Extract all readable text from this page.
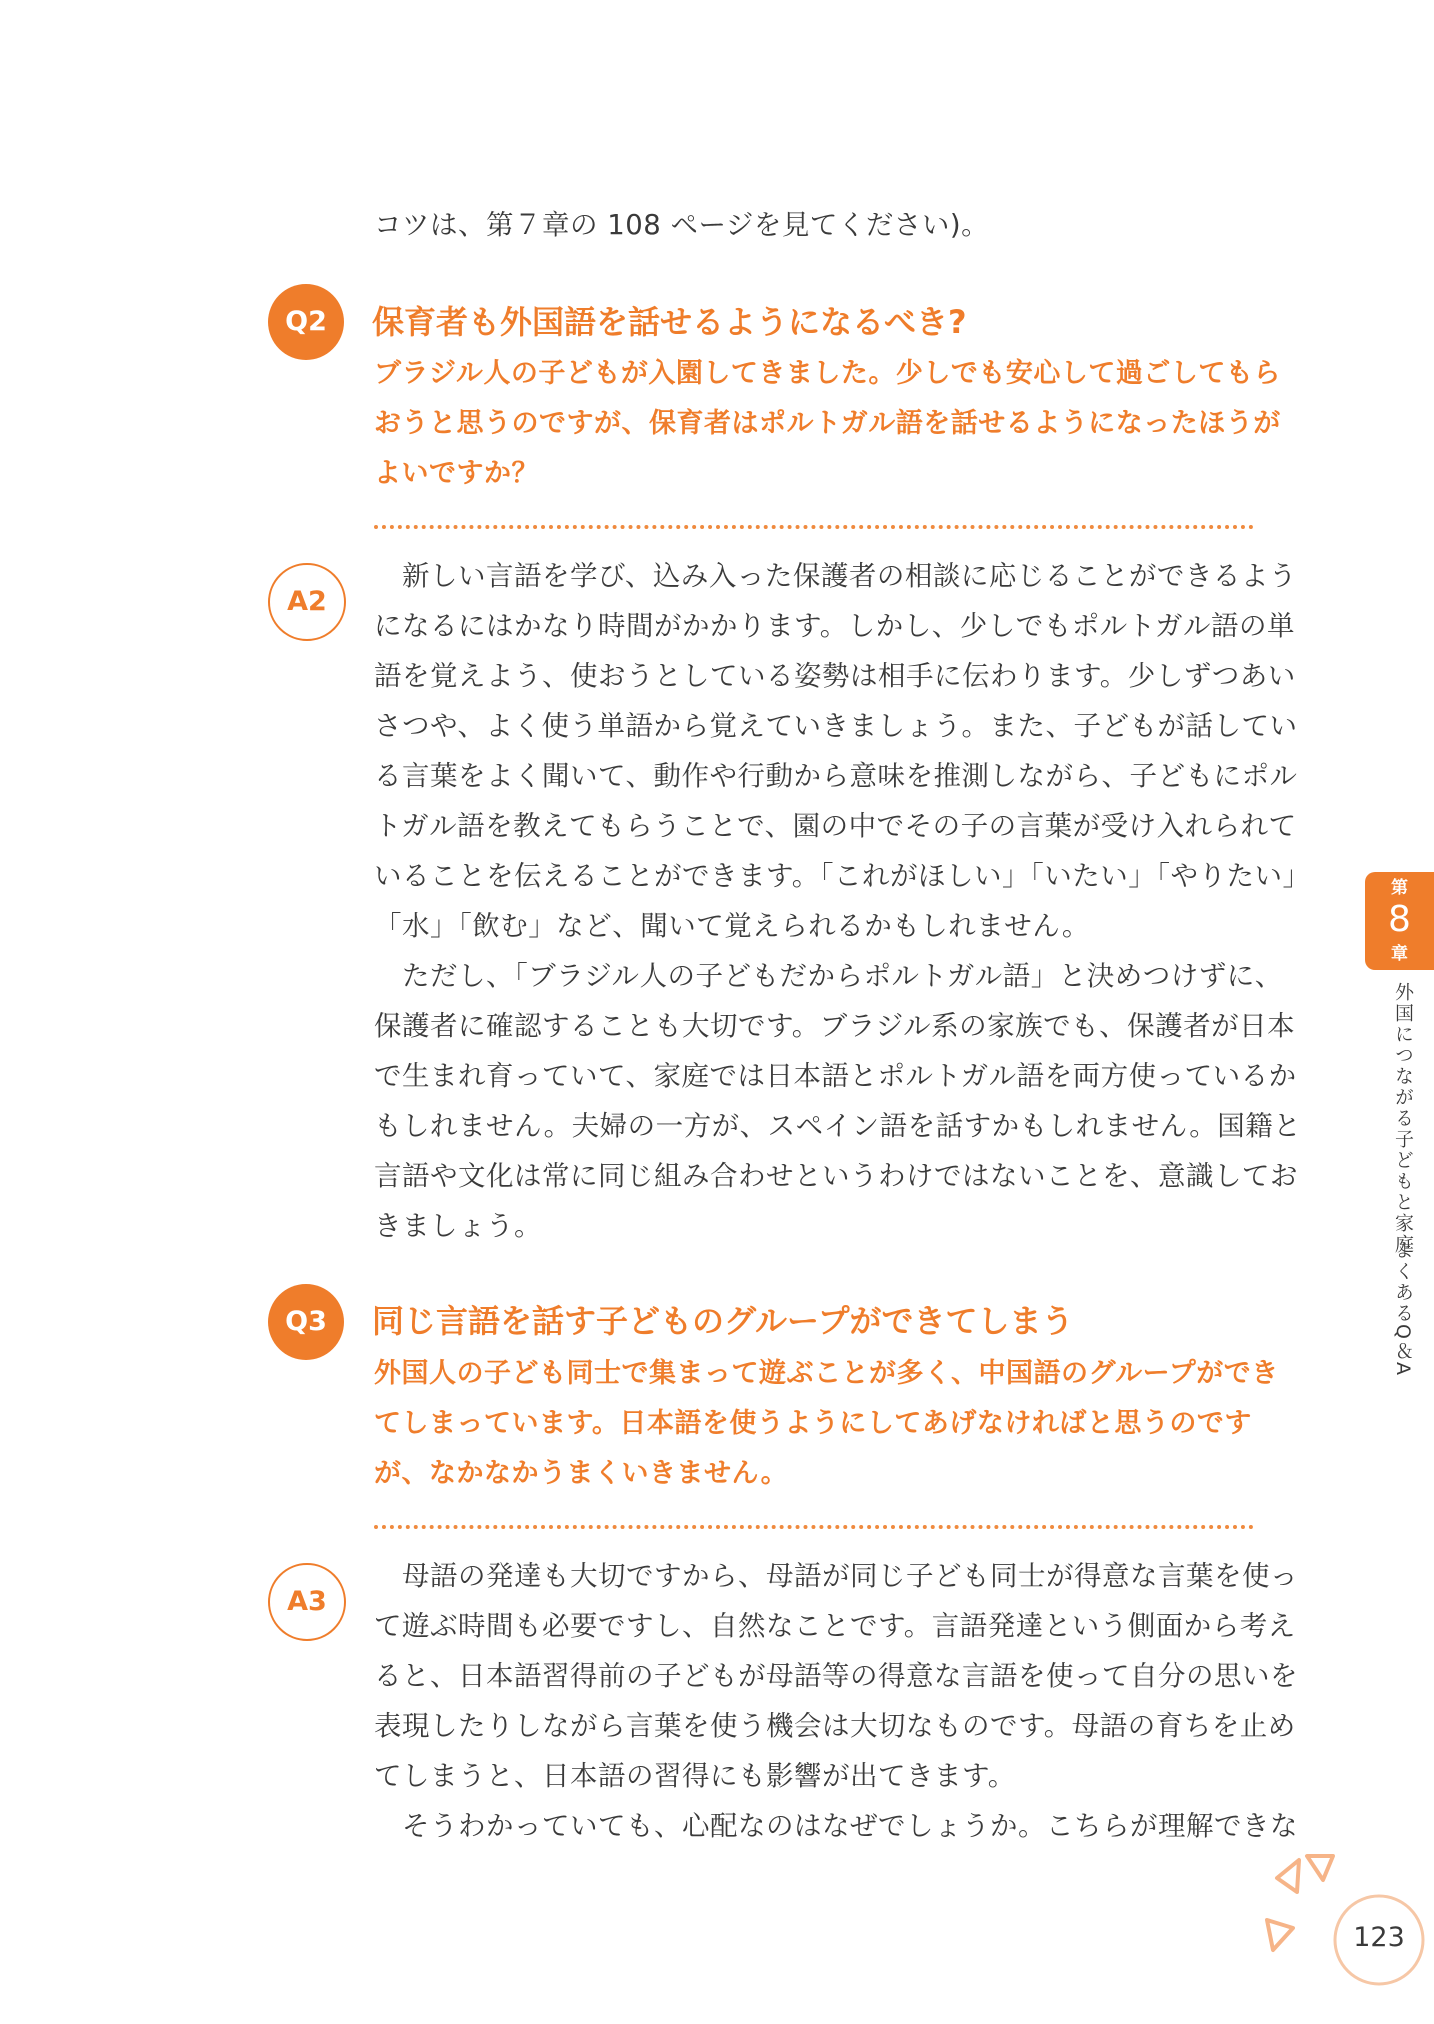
コツは、第７章の 108 ページを見てください)。
Q2	保育者も外国語を話せるようになるべき?
ブラジル人の子どもが入園してきました。少しでも安心して過ごしてもら
おうと思うのですが、保育者はポルトガル語を話せるようになったほうが
よいですか？
A2
　新しい言語を学び、込み入った保護者の相談に応じることができるよう
になるにはかなり時間がかかります。しかし、少しでもポルトガル語の単
語を覚えよう、使おうとしている姿勢は相手に伝わります。少しずつあい
さつや、よく使う単語から覚えていきましょう。また、子どもが話してい
る言葉をよく聞いて、動作や行動から意味を推測しながら、子どもにポル
トガル語を教えてもらうことで、園の中でその子の言葉が受け入れられて
いることを伝えることができます。「これがほしい」「いたい」「やりたい」
「水」「飲む」など、聞いて覚えられるかもしれません。
　ただし、「ブラジル人の子どもだからポルトガル語」と決めつけずに、
保護者に確認することも大切です。ブラジル系の家族でも、保護者が日本
で生まれ育っていて、家庭では日本語とポルトガル語を両方使っているか
もしれません。夫婦の一方が、スペイン語を話すかもしれません。国籍と
言語や文化は常に同じ組み合わせというわけではないことを、意識してお
きましょう。
Q3	同じ言語を話す子どものグループができてしまう
外国人の子ども同士で集まって遊ぶことが多く、中国語のグループができ
てしまっています。日本語を使うようにしてあげなければと思うのです
が、なかなかうまくいきません。
A3
　母語の発達も大切ですから、母語が同じ子ども同士が得意な言葉を使っ
て遊ぶ時間も必要ですし、自然なことです。言語発達という側面から考え
ると、日本語習得前の子どもが母語等の得意な言語を使って自分の思いを
表現したりしながら言葉を使う機会は大切なものです。母語の育ちを止め
てしまうと、日本語の習得にも影響が出てきます。
　そうわかっていても、心配なのはなぜでしょうか。こちらが理解できな
第
8
章
外国につながる子どもと家庭
よくあるQ＆A
123
